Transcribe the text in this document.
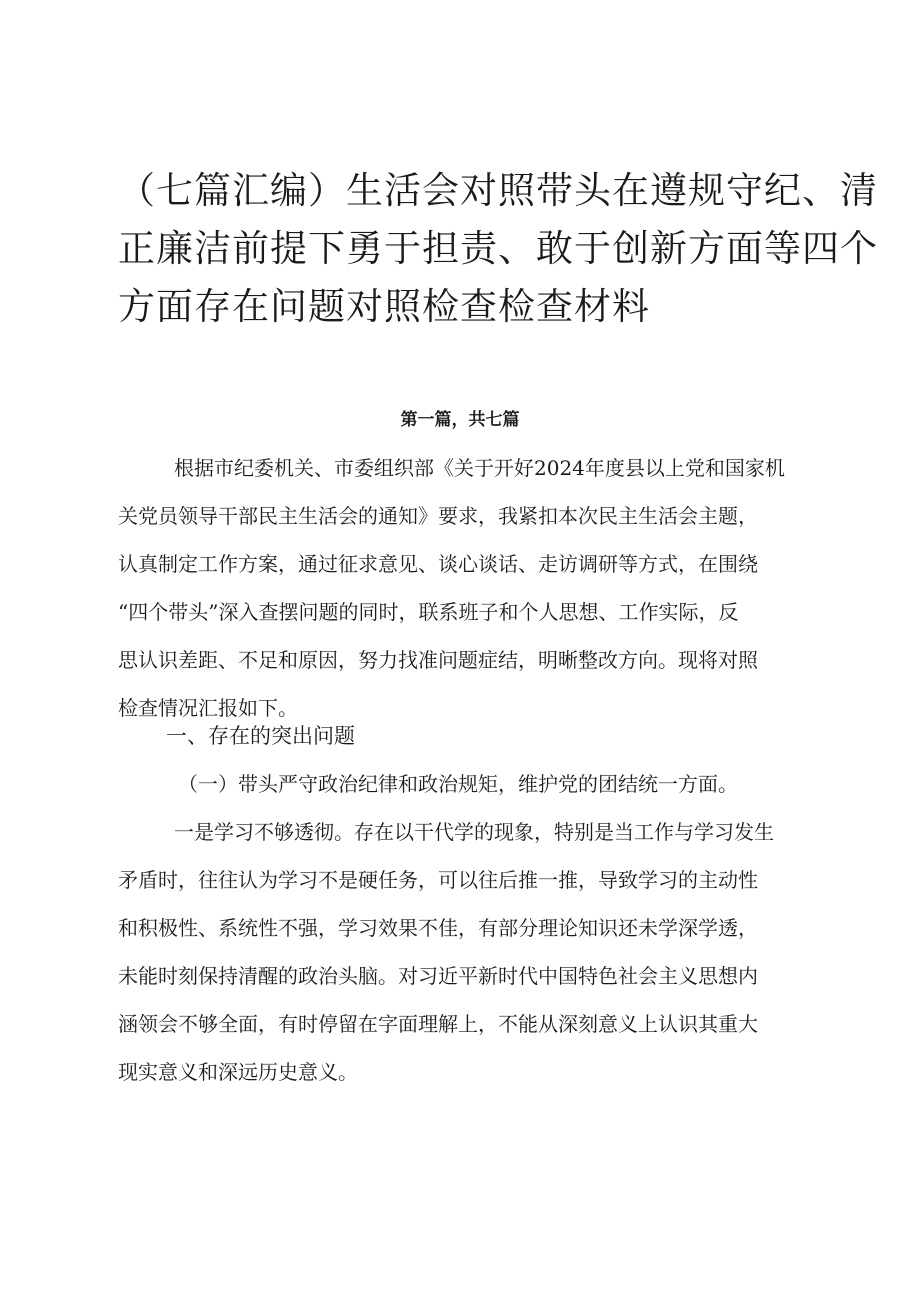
（七篇汇编）生活会对照带头在遵规守纪、清
正廉洁前提下勇于担责、敢于创新方面等四个
方面存在问题对照检查检查材料
第一篇，共七篇
根据市纪委机关、市委组织部《关于开好2024年度县以上党和国家机
关党员领导干部民主生活会的通知》要求，我紧扣本次民主生活会主题，
认真制定工作方案，通过征求意见、谈心谈话、走访调研等方式，在围绕
“四个带头”深入查摆问题的同时，联系班子和个人思想、工作实际，反
思认识差距、不足和原因，努力找准问题症结，明晰整改方向。现将对照
检查情况汇报如下。
一、存在的突出问题
（一）带头严守政治纪律和政治规矩，维护党的团结统一方面。
一是学习不够透彻。存在以干代学的现象，特别是当工作与学习发生
矛盾时，往往认为学习不是硬任务，可以往后推一推，导致学习的主动性
和积极性、系统性不强，学习效果不佳，有部分理论知识还未学深学透，
未能时刻保持清醒的政治头脑。对习近平新时代中国特色社会主义思想内
涵领会不够全面，有时停留在字面理解上，不能从深刻意义上认识其重大
现实意义和深远历史意义。
